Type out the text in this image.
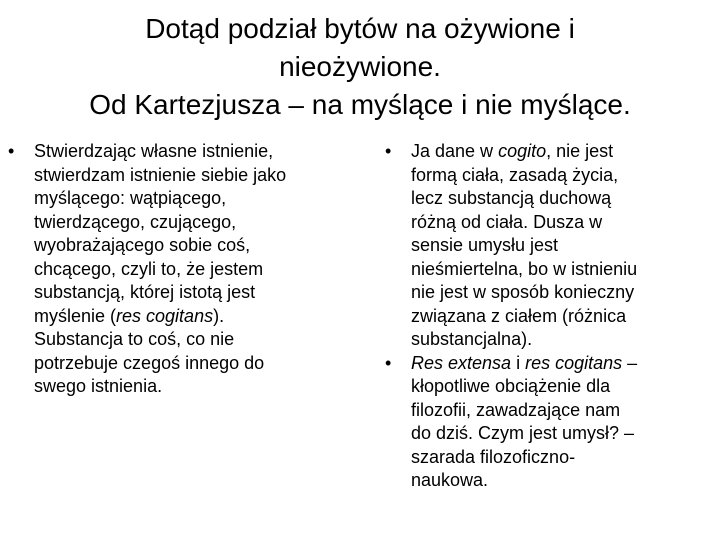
Dotąd podział bytów na ożywione i
nieożywione.
Od Kartezjusza – na myślące i nie myślące.
•	Stwierdzając własne istnienie,
stwierdzam istnienie siebie jako
myślącego: wątpiącego,
twierdzącego, czującego,
wyobrażającego sobie coś,
chcącego, czyli to, że jestem
substancją, której istotą jest
myślenie (res cogitans).
Substancja to coś, co nie
potrzebuje czegoś innego do
swego istnienia.
•	Ja dane w cogito, nie jest
formą ciała, zasadą życia,
lecz substancją duchową
różną od ciała. Dusza w
sensie umysłu jest
nieśmiertelna, bo w istnieniu
nie jest w sposób konieczny
związana z ciałem (różnica
substancjalna).
•	Res extensa i res cogitans –
kłopotliwe obciążenie dla
filozofii, zawadzające nam
do dziś. Czym jest umysł? –
szarada filozoficzno-
naukowa.
